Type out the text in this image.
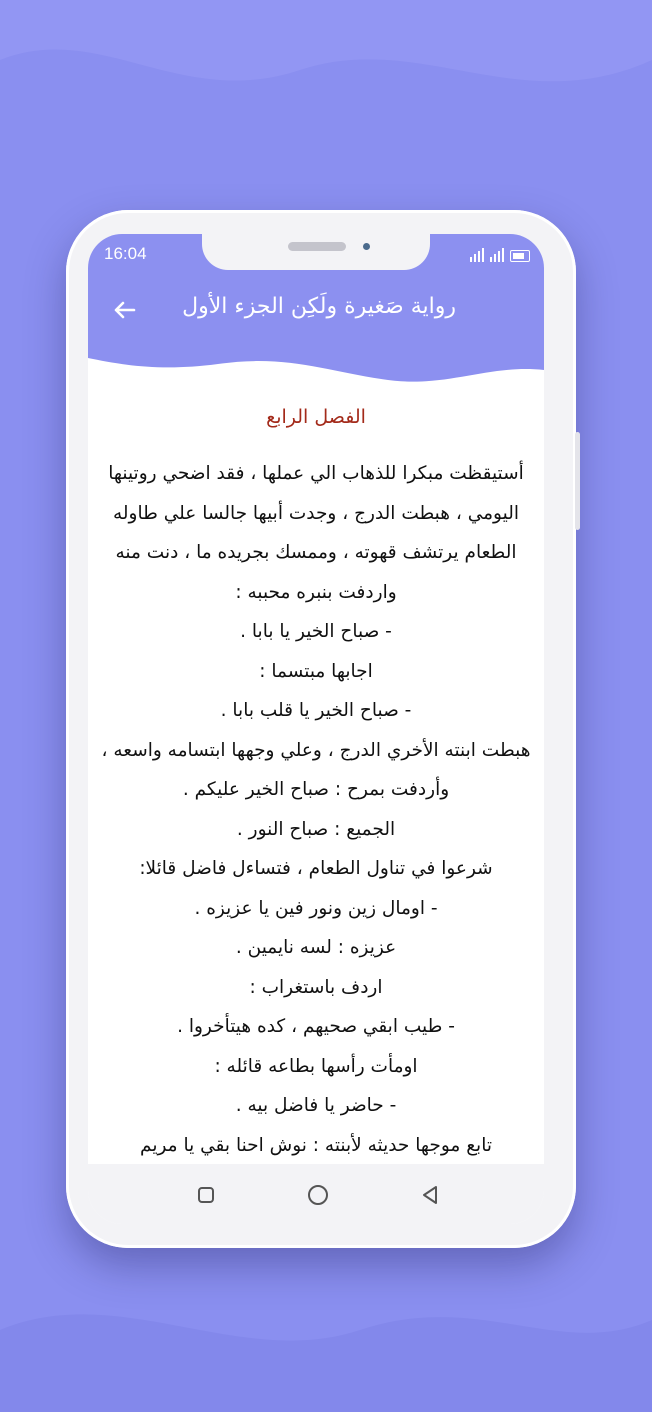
16:04
رواية صَغيرة ولَكِن الجزء الأول
الفصل الرابع

أستيقظت مبكرا للذهاب الي عملها ، فقد اضحي روتينها اليومي ، هبطت الدرج ، وجدت أبيها جالسا علي طاوله الطعام يرتشف قهوته ، وممسك بجريده ما ، دنت منه واردفت بنبره محببه :

- صباح الخير يا بابا .

اجابها مبتسما :

- صباح الخير يا قلب بابا .

هبطت ابنته الأخري الدرج ، وعلي وجهها ابتسامه واسعه ، وأردفت بمرح : صباح الخير عليكم .

الجميع : صباح النور .

شرعوا في تناول الطعام ، فتساءل فاضل قائلا:

- اومال زين ونور فين يا عزيزه .

عزيزه : لسه نايمين .

اردف باستغراب :

- طيب ابقي صحيهم ، كده هيتأخروا .

اومأت رأسها بطاعه قائله :

- حاضر يا فاضل بيه .

تابع موجها حديثه لأبنته : نوش احنا بقي يا مريم
